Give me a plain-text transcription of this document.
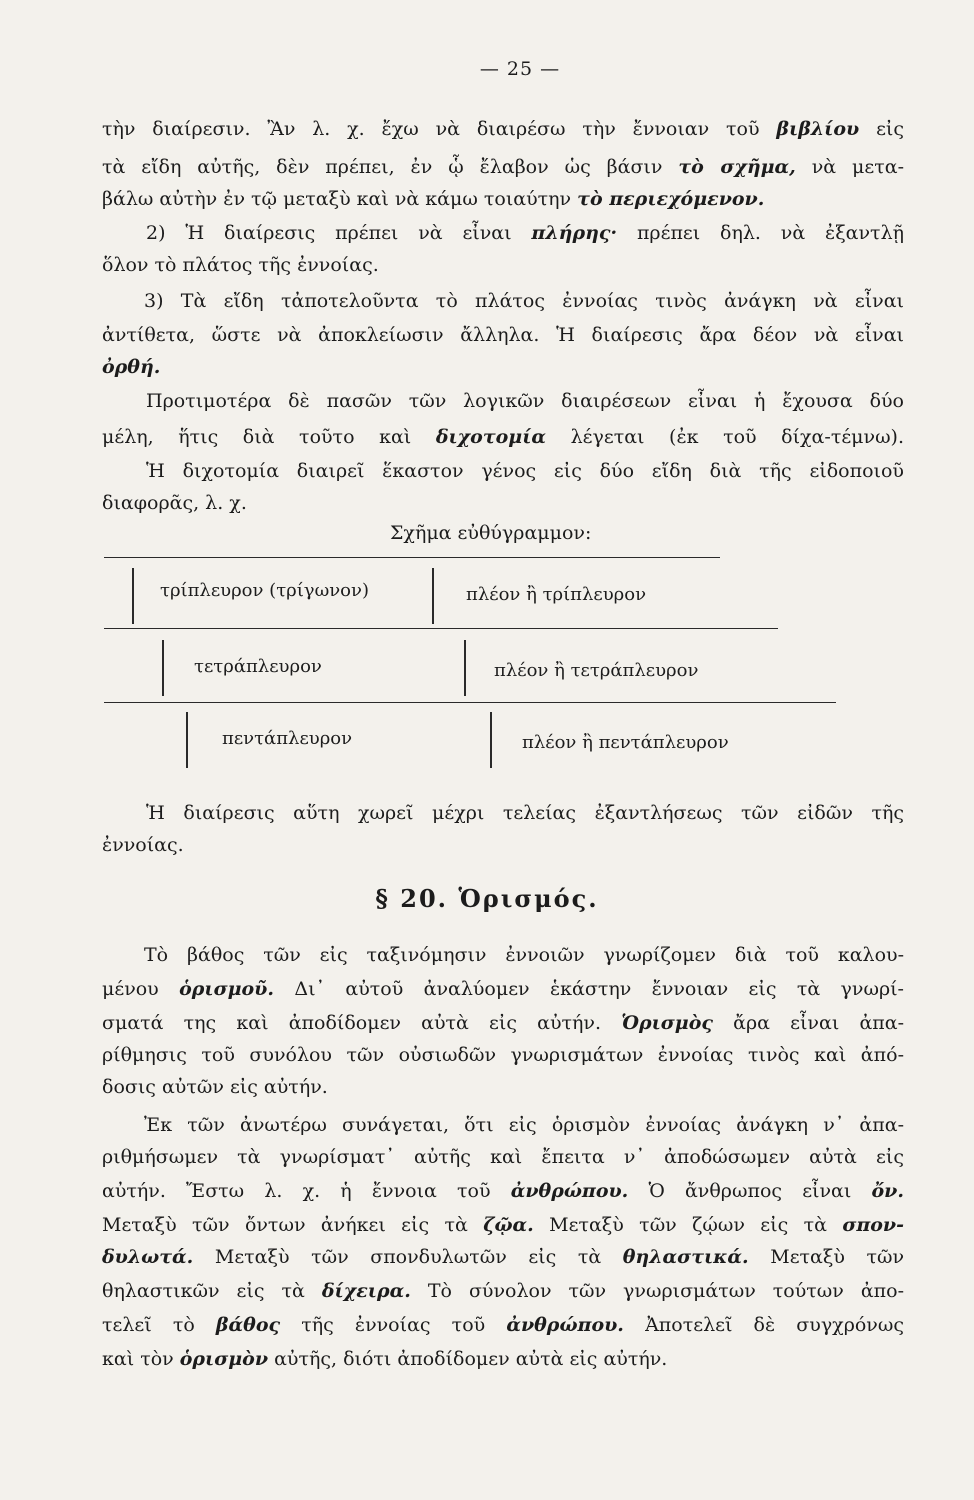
— 25 —
τὴν διαίρεσιν. Ἂν λ. χ. ἔχω νὰ διαιρέσω τὴν ἔννοιαν τοῦ βιβλίου εἰς
τὰ εἴδη αὐτῆς, δὲν πρέπει, ἐν ᾧ ἔλαβον ὡς βάσιν τὸ σχῆμα, νὰ μετα-
βάλω αὐτὴν ἐν τῷ μεταξὺ καὶ νὰ κάμω τοιαύτην τὸ περιεχόμενον.
2) Ἡ διαίρεσις πρέπει νὰ εἶναι πλήρης· πρέπει δηλ. νὰ ἐξαντλῇ
ὅλον τὸ πλάτος τῆς ἐννοίας.
3) Τὰ εἴδη τἀποτελοῦντα τὸ πλάτος ἐννοίας τινὸς ἀνάγκη νὰ εἶναι
ἀντίθετα, ὥστε νὰ ἀποκλείωσιν ἄλληλα. Ἡ διαίρεσις ἄρα δέον νὰ εἶναι
ὀρθή.
Προτιμοτέρα δὲ πασῶν τῶν λογικῶν διαιρέσεων εἶναι ἡ ἔχουσα δύο
μέλη, ἥτις διὰ τοῦτο καὶ διχοτομία λέγεται (ἐκ τοῦ δίχα-τέμνω).
Ἡ διχοτομία διαιρεῖ ἕκαστον γένος εἰς δύο εἴδη διὰ τῆς εἰδοποιοῦ
διαφορᾶς, λ. χ.
Σχῆμα εὐθύγραμμον:
τρίπλευρον (τρίγωνον)	πλέον ἢ τρίπλευρον
τετράπλευρον	πλέον ἢ τετράπλευρον
πεντάπλευρον	πλέον ἢ πεντάπλευρον
Ἡ διαίρεσις αὕτη χωρεῖ μέχρι τελείας ἐξαντλήσεως τῶν εἰδῶν τῆς
ἐννοίας.
§ 20. Ὁρισμός.
Τὸ βάθος τῶν εἰς ταξινόμησιν ἐννοιῶν γνωρίζομεν διὰ τοῦ καλου-
μένου ὁρισμοῦ. Δι᾿ αὐτοῦ ἀναλύομεν ἑκάστην ἔννοιαν εἰς τὰ γνωρί-
σματά της καὶ ἀποδίδομεν αὐτὰ εἰς αὐτήν. Ὁρισμὸς ἄρα εἶναι ἀπα-
ρίθμησις τοῦ συνόλου τῶν οὐσιωδῶν γνωρισμάτων ἐννοίας τινὸς καὶ ἀπό-
δοσις αὐτῶν εἰς αὐτήν.
Ἐκ τῶν ἀνωτέρω συνάγεται, ὅτι εἰς ὁρισμὸν ἐννοίας ἀνάγκη ν᾿ ἀπα-
ριθμήσωμεν τὰ γνωρίσματ᾿ αὐτῆς καὶ ἔπειτα ν᾿ ἀποδώσωμεν αὐτὰ εἰς
αὐτήν. Ἔστω λ. χ. ἡ ἔννοια τοῦ ἀνθρώπου. Ὁ ἄνθρωπος εἶναι ὄν.
Μεταξὺ τῶν ὄντων ἀνήκει εἰς τὰ ζῷα. Μεταξὺ τῶν ζῴων εἰς τὰ σπον-
δυλωτά. Μεταξὺ τῶν σπονδυλωτῶν εἰς τὰ θηλαστικά. Μεταξὺ τῶν
θηλαστικῶν εἰς τὰ δίχειρα. Τὸ σύνολον τῶν γνωρισμάτων τούτων ἀπο-
τελεῖ τὸ βάθος τῆς ἐννοίας τοῦ ἀνθρώπου. Ἀποτελεῖ δὲ συγχρόνως
καὶ τὸν ὁρισμὸν αὐτῆς, διότι ἀποδίδομεν αὐτὰ εἰς αὐτήν.
